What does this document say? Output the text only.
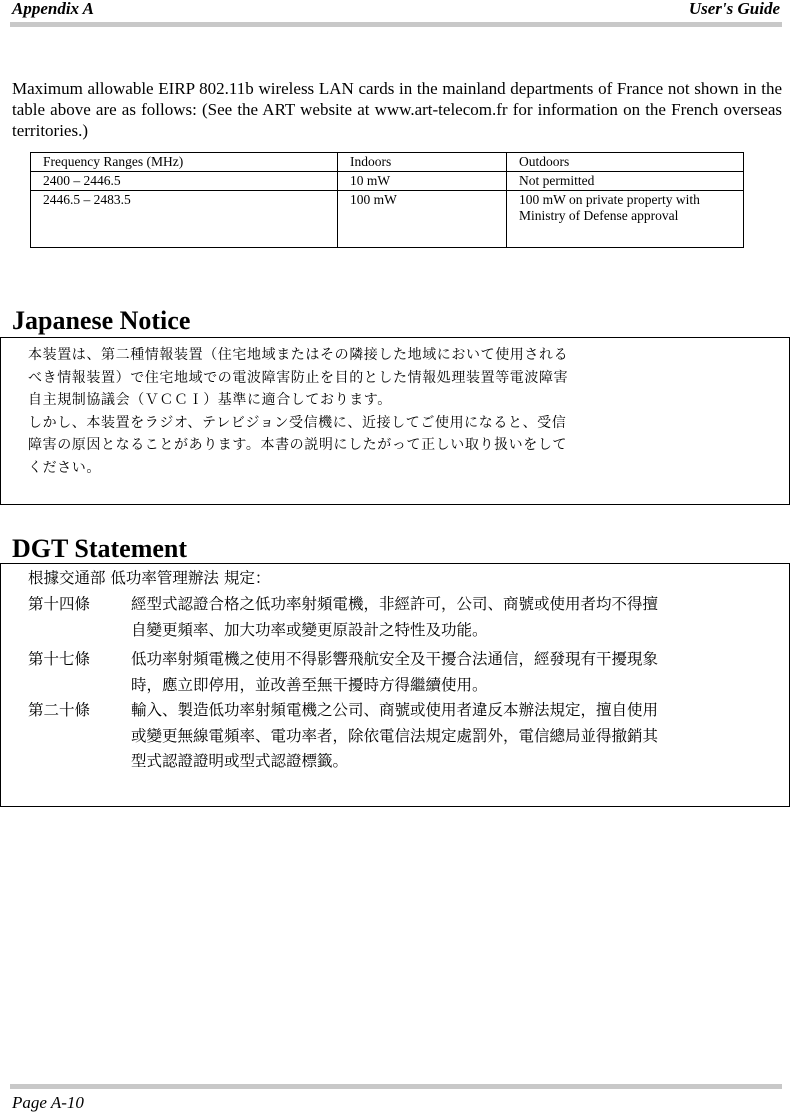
Appendix A	User's Guide
Maximum allowable EIRP 802.11b wireless LAN cards in the mainland departments of France not shown in the table above are as follows: (See the ART website at www.art-telecom.fr for information on the French overseas territories.)
Frequency Ranges (MHz)	Indoors	Outdoors
2400 – 2446.5	10 mW	Not permitted
2446.5 – 2483.5	100 mW	100 mW on private property with Ministry of Defense approval
Japanese Notice
本装置は、第二種情報装置（住宅地域またはその隣接した地域において使用される
べき情報装置）で住宅地域での電波障害防止を目的とした情報処理装置等電波障害
自主規制協議会（ＶＣＣＩ）基準に適合しております。
しかし、本装置をラジオ、テレビジョン受信機に、近接してご使用になると、受信
障害の原因となることがあります。本書の説明にしたがって正しい取り扱いをして
ください。
DGT Statement
根據交通部 低功率管理辦法 規定：
第十四條	經型式認證合格之低功率射頻電機，非經許可，公司、商號或使用者均不得擅
自變更頻率、加大功率或變更原設計之特性及功能。
第十七條	低功率射頻電機之使用不得影響飛航安全及干擾合法通信，經發現有干擾現象
時，應立即停用，並改善至無干擾時方得繼續使用。
第二十條	輸入、製造低功率射頻電機之公司、商號或使用者違反本辦法規定，擅自使用
或變更無線電頻率、電功率者，除依電信法規定處罰外，電信總局並得撤銷其
型式認證證明或型式認證標籤。
Page A-10
